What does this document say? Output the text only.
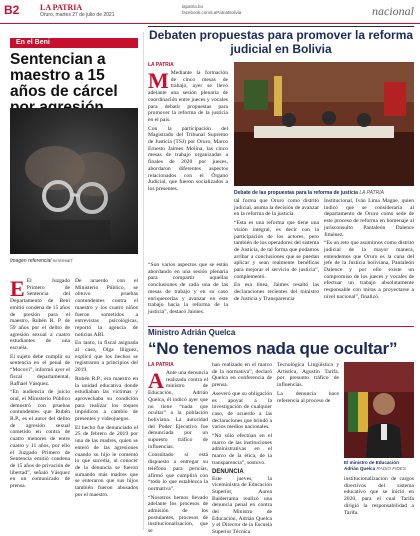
B2	LA PATRIA
Oruro, martes 27 de julio de 2021
lapatria.bo
facebook.com/LaPatriaBolivia	nacional
En el Beni
Sentencian a maestro a 15 años de cárcel
Imagen referencial INTERNET

E El Juzgado Primero de Sentencia del Departamento de Beni emitió condena de 15 años de presión para el maestro, Rubén R. P. de 59 años por el delito de agresión sexual a cuatro estudiantes de una escuela.

El sujeto debe cumplir su sentencia en el penal de “Mocovi”, informó ayer el fiscal departamental, Rafhael Vásquez.

“En audiencia de juicio oral, el Ministerio Público demostró con pruebas contundentes que Rubén R.P., es el autor del delito de agresión sexual cometido en contra de cuatro menores de entre cuatro y 11 años, por ello el Juzgado Primero de Sentencia emitió condena de 15 años de privación de libertad”, señaló Vásquez en un comunicado de prensa.

De acuerdo con el Ministerio Público, se obtuvo pruebas contundentes contra el maestro y los cuatro niños fueron sometidos a entrevistas psicológicas, reportó la agencia de noticias ABI.

En tanto, la fiscal asignada al caso, Olga Iñiguez, explicó que los hechos se registraron a principios del 2019.

Rubén R.P., era maestro en la unidad educativa donde estudiaban las víctimas y aprovechaba su condición para realizar los toques impúdicos a cambio de presentes y videojuegos.

El hecho fue denunciado el 25 de febrero de 2019 por una de las madres, quien se enteró de las agresiones cuando su hijo le comentó lo que sucedía, al conocer de la denuncia se fueron sumando más madres que se enteraron que sus hijos también fueron abusados por el maestro.

Debaten propuestas para promover la reforma judicial en Bolivia
LA PATRIA

M Mediante la formación de cinco mesas de trabajo, ayer se llevó adelante una sesión plenaria de coordinación entre jueces y vocales para debatir propuestas para promover la reforma de la justicia en el país.

Con la participación del Magistrado del Tribunal Supremo de Justicia (TSJ) por Oruro, Marco Ernesto Jaimes Molina, las cinco mesas de trabajo organizadas a finales de 2020 por jueces, abordaron diferentes aspectos relacionados con el Órgano Judicial, que fueron socializados a los presentes.

“Son varios aspectos que se están abordando en una sesión plenaria para compartir aquellas conclusiones de cada una de las mesas de trabajo y en su caso enriquecerlas y avanzar en este trabajo hacia la reforma de la justicia”, destacó Jaimes.

Debate de las propuestas para la reforma de justicia LA PATRIA

tal forma que Oruro como distrito judicial, asuma la decisión de avanzar en la reforma de la justicia.

“Esta es una reforma que tiene una visión integral, es decir con la participación de los actores, pero también de los operadores del sistema de Justicia, de tal forma que podamos arribar a conclusiones que se puedan aplicar y sean realmente benéficas para mejorar el servicio de justicia”, complementó.

En esa línea, Jaimes resaltó las declaraciones recientes del ministro de Justicia y Transparencia

Institucional, Iván Lima Magne, quien indicó que se consideraría al departamento de Oruro como sede de este proceso de reforma en homenaje al jurisconsulto Pantaleón Dalence Jiménez.

“Es un reto que asumimos como distrito judicial de la mayor manera, entendemos que Oruro es la cuna del jefe de la Justicia boliviana, Pantaleón Dalence y por ello existe un compromiso de los jueces y vocales de efectuar un trabajo absolutamente responsable con miras a proyectarse a nivel nacional”, finalizó.

Ministro Adrián Quelca
“No tenemos nada que ocultar”
LA PATRIA

A Ante una denuncia realizada contra el ministro de Educación, Adrián Quelca, él indicó ayer que no tiene “nada que ocultar” a la población boliviana. La autoridad del Poder Ejecutivo fue denunciada por un supuesto tráfico de influencias.

Consultado si está dispuesto a entregar su teléfono para pericias, afirmó que cumplirá con “todo lo que establezca la normativa”.

“Nosotros hemos llevado adelante los procesos de admisión de los postulantes, procesos de institucionalización, que se

han realizado en el marco de la normativa”, declaró Quelca en conferencia de prensa.

Aseveró que su obligación es apoyar a la investigación de cualquier caso, de acuerdo a las declaraciones que brindó a varios medios nacionales.

“No sólo efectúan en el marco de las instituciones administrativas en el marco de la ética, de la transparencia”, sostuvo.

DENUNCIA

Este jueves, la viceministra de Educación Superior, Aurea Balderrama realizó una denuncia penal en contra del Ministro de Educación, Adrián Quelca y el Director de la Escuela Superior Técnica

Tecnológica Lingüística y Artística, Agustín Tarifa, por presunto tráfico de influencias.

La denuncia hace referencia al proceso de

El ministro de Educación Adrián Quelca RADIO FIDES

institucionalización de cargos directivos del sistema educativo que se inició en 2020, para el cual Tarifa dirigió la responsabilidad a Tarifa.
